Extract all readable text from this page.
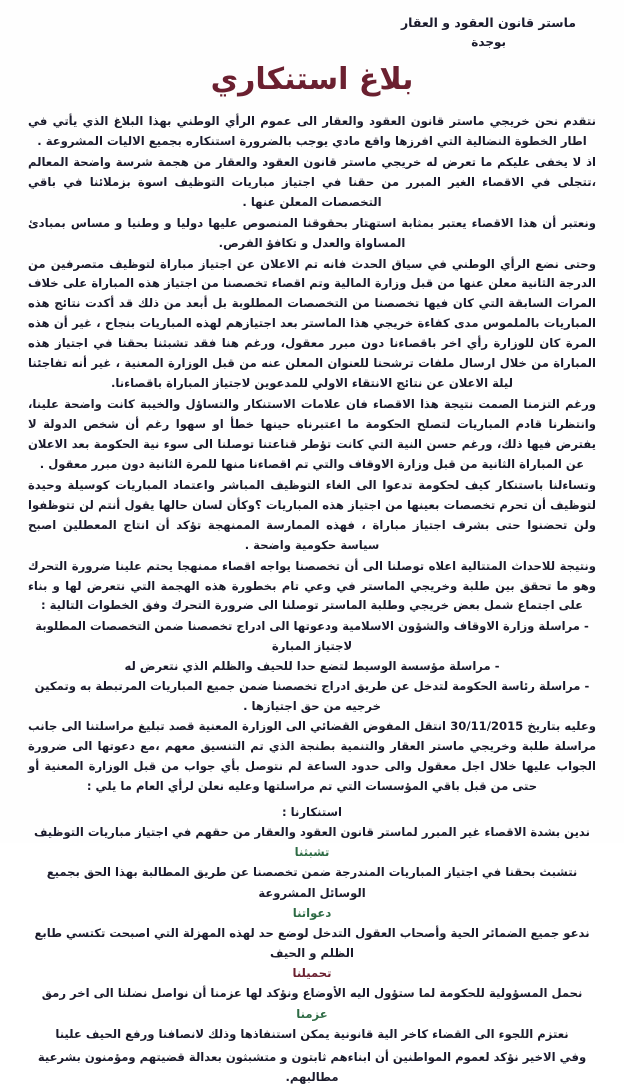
ماستر قانون العقود و العقار
بوجدة
بلاغ استنكاري

نتقدم نحن خريجي ماستر قانون العقود والعقار الى عموم الرأي الوطني بهذا البلاغ الذي يأتي في اطار الخطوة النضالية التي افرزها واقع مادي يوجب بالضرورة استنكاره بجميع الاليات المشروعة .

اذ لا يخفى عليكم ما تعرض له خريجي ماستر قانون العقود والعقار من هجمة شرسة واضحة المعالم ،تتجلى في الاقصاء الغير المبرر من حقنا في اجتياز مباريات التوظيف اسوة بزملائنا في باقي التخصصات المعلن عنها .

ونعتبر أن هذا الاقصاء يعتبر بمثابة استهتار بحقوقنا المنصوص عليها دوليا و وطنيا و مساس بمبادئ المساواة والعدل و تكافؤ الفرص.

وحتى نضع الرأي الوطني في سياق الحدث فانه تم الاعلان عن اجتياز مباراة لتوظيف متصرفين من الدرجة الثانية معلن عنها من قبل وزارة المالية وتم اقصاء تخصصنا من اجتياز هذه المباراة على خلاف المرات السابقة التي كان فيها تخصصنا من التخصصات المطلوبة بل أبعد من ذلك قد أكدت نتائج هذه المباريات بالملموس مدى كفاءة خريجي هذا الماستر بعد اجتيازهم لهذه المباريات بنجاح ، غير أن هذه المرة كان للوزارة رأي اخر باقصاءنا دون مبرر معقول، ورغم هنا فقد تشبثنا بحقنا في اجتياز هذه المباراة من خلال ارسال ملفات ترشحنا للعنوان المعلن عنه من قبل الوزارة المعنية ، غير أنه تفاجئنا ليلة الاعلان عن نتائج الانتقاء الاولي للمدعوين لاجتياز المباراة باقصاءنا.

ورغم التزمنا الصمت نتيجة هذا الاقصاء فان علامات الاستنكار والتساؤل والخيبة كانت واضحة علينا، وانتظرنا قادم المباريات لتصلح الحكومة ما اعتبرناه حينها خطأ او سهوا رغم أن شخص الدولة لا يفترض فيها ذلك، ورغم حسن النية التي كانت تؤطر قناعتنا توصلنا الى سوء نية الحكومة بعد الاعلان عن المباراة الثانية من قبل وزارة الاوقاف والتي تم اقصاءنا منها للمرة الثانية دون مبرر معقول .

وتساءلنا باستنكار كيف لحكومة تدعوا الى الغاء التوظيف المباشر واعتماد المباريات كوسيلة وحيدة لتوظيف أن تحرم تخصصات بعينها من اجتياز هذه المباريات ؟وكأن لسان حالها يقول أنتم لن تتوظفوا ولن تحضنوا حتى بشرف اجتياز مباراة ، فهذه الممارسة الممنهجة تؤكد أن انتاج المعطلين اصبح سياسة حكومية واضحة .

ونتيجة للاحداث المتتالية اعلاه توصلنا الى أن تخصصنا يواجه اقصاء ممنهجا يحتم علينا ضرورة التحرك وهو ما تحقق بين طلبة وخريجي الماستر في وعي تام بخطورة هذه الهجمة التي نتعرض لها و بناء على اجتماع شمل بعض خريجي وطلبة الماستر توصلنا الى ضرورة التحرك وفق الخطوات التالية :

- مراسلة وزارة الاوقاف والشؤون الاسلامية ودعوتها الى ادراج تخصصنا ضمن التخصصات المطلوبة لاجتياز المبارة

- مراسلة مؤسسة الوسيط لتضع حدا للحيف والظلم الذي نتعرض له

- مراسلة رئاسة الحكومة لتدخل عن طريق ادراج تخصصنا ضمن جميع المباريات المرتبطة به وتمكين خرجيه من حق اجتيازها .

وعليه بتاريخ 30/11/2015 انتقل المفوض القضائي الى الوزارة المعنية قصد تبليغ مراسلتنا الى جانب مراسلة طلبة وخريجي ماستر العقار والتنمية بطنجة الذي تم التنسيق معهم ،مع دعوتها الى ضرورة الجواب عليها خلال اجل معقول والى حدود الساعة لم نتوصل بأي جواب من قبل الوزارة المعنية أو حتى من قبل باقي المؤسسات التي تم مراسلتها وعليه نعلن لرأي العام ما يلي :

استنكارنا :
ندين بشدة الاقصاء غير المبرر لماستر قانون العقود والعقار من حقهم في اجتياز مباريات التوظيف
تشبثنا
نتشبث بحقنا في اجتياز المباريات المندرجة ضمن تخصصنا عن طريق المطالبة بهذا الحق بجميع الوسائل المشروعة
دعواتنا
ندعو جميع الضمائر الحية وأصحاب العقول التدخل لوضع حد لهذه المهزلة التي اصبحت تكتسي طابع الظلم و الحيف
تحميلنا
نحمل المسؤولية للحكومة لما ستؤول اليه الأوضاع ونؤكد لها عزمنا أن نواصل نضلنا الى اخر رمق
عزمنا
نعتزم اللجوء الى القضاء كاخر الية قانونية يمكن استنفاذها وذلك لانصافنا ورفع الحيف علينا
وفي الاخير نؤكد لعموم المواطنين أن ابناءهم ثابتون و متشبثون بعدالة قضيتهم ومؤمنون بشرعية مطالبهم.
